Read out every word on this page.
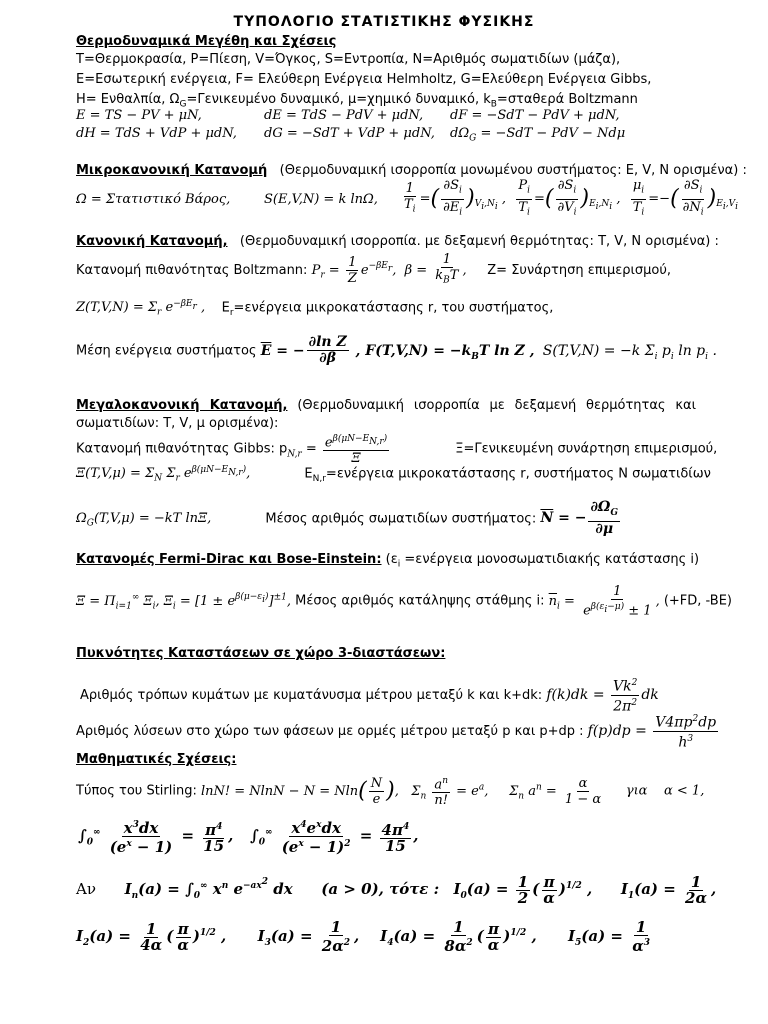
ΤΥΠΟΛΟΓΙΟ ΣΤΑΤΙΣΤΙΚΗΣ ΦΥΣΙΚΗΣ
Θερμοδυναμικά Μεγέθη και Σχέσεις
T=Θερμοκρασία, P=Πίεση, V=Όγκος, S=Εντροπία, N=Αριθμός σωματιδίων (μάζα),
E=Εσωτερική ενέργεια, F= Ελεύθερη Ενέργεια Helmholtz, G=Ελεύθερη Ενέργεια Gibbs,
H= Ενθαλπία, $\Omega_G=\Gamma\varepsilon\nu\iota\kappa\varepsilon\upsilon\mu έ\nu o$ δυναμικό, μ=χημικό δυναμικό, $k_B=\sigma\tau\alpha\theta\varepsilon\rho ά$ Boltzmann
E = TS − PV + μN,	dE = TdS − PdV + μdN, dF = −SdT − PdV + μdN,
dH = TdS + VdP + μdN, dG = −SdT + VdP + μdN, $d\Omega_G = -SdT$ − PdV − Ndμ
Μικροκανονική Κατανομή (Θερμοδυναμική ισορροπία μονωμένου συστήματος: E, V, N ορισμένα) :
Ω = Στατιστικό Βάρος,	S(E,V,N) = k lnΩ, $\frac{1}{T_i}$ =( $\frac{\partial S_i}{\partial E_i} )_{V_i,N_i}$ , $\frac{P_i}{T_i}$ =( $\frac{\partial S_i}{\partial V_i} )_{E_i,N_i}$ , $\frac{\mu_i}{T_i}$ =−( $\frac{\partial S_i}{\partial N_i} )_{E_i,V_i}$
Κανονική Κατανομή, (Θερμοδυναμική ισορροπία. με δεξαμενή θερμότητας: T, V, N ορισμένα) :
Κατανομή πιθανότητας Boltzmann: $P_r = \frac{1}{Z} e^{-\beta E_r}$,  $\beta = \frac{1}{k_BT}$ , Z= Συνάρτηση επιμερισμού,
$Z(T,V,N) = \Sigma_r$ $e^{-\beta E_r}$ , $E_r=\varepsilon\nu έ\rho\gamma\varepsilon\iota\alpha$ μικροκατάστασης r, του συστήματος,
Μέση ενέργεια συστήματος $\overline{E}$ = − $\frac{\text{∂ln Z}}{\partial\beta}$ , $F(T,V,N) = -k_BT$ ln Z , S(T,V,N) = −k $\Sigma_i$ $p_i$ $\ln p_i$ .
Μεγαλοκανονική Κατανομή, (Θερμοδυναμική ισορροπία με δεξαμενή θερμότητας και
σωματιδίων: T, V, μ ορισμένα):
Κατανομή πιθανότητας Gibbs: $p_{N,r} = \frac{e^{\beta(\mu N-E_{N,r})}}{\Xi}$	Ξ=Γενικευμένη συνάρτηση επιμερισμού,
$\Xi(T,V,\mu) = \Sigma_N$ $\Sigma_r$ $e^{\beta(\mu N-E_{N,r})}$,	$E_{N,r}=\varepsilon\nu έ\rho\gamma\varepsilon\iota\alpha$ μικροκατάστασης r, συστήματος N σωματιδίων
$\Omega_G(T,V,\mu) = -kT$ lnΞ,	Μέσος αριθμός σωματιδίων συστήματος: $\overline{N}$ = − $\frac{\partial\Omega_G}{\partial\mu}$
Κατανομές Fermi-Dirac και Bose-Einstein: ($\varepsilon_i =\varepsilon\nu έ\rho\gamma\varepsilon\iota\alpha$ μονοσωματιδιακής κατάστασης i)
$\Xi = \Pi_{i=1}^\infty$ $\Xi_i$, $\Xi_i = [1 \pm e^{\beta(\mu-\varepsilon_i)}]^{\pm 1}$, Μέσος αριθμός κατάληψης στάθμης i: $\overline{n}_i = \frac{1}{e^{\beta(\varepsilon_i-\mu)} \pm 1}$ , (+FD, -BE)
Πυκνότητες Καταστάσεων σε χώρο 3-διαστάσεων:
Αριθμός τρόπων κυμάτων με κυματάνυσμα μέτρου μεταξύ k και k+dk: $f(k)dk = \frac{Vk^2}{2\pi^2}$ dk
Αριθμός λύσεων στο χώρο των φάσεων με ορμές μέτρου μεταξύ p και p+dp : $f(p)dp = \frac{V4\pi p^2dp}{h^3}$
Μαθηματικές Σχέσεις:
Τύπος του Stirling: lnN! = $NlnN - N = Nln( \frac{N}{e}$ ), $\Sigma_n \frac{a^n}{n!} = e^a$, $\Sigma_n$ $a^n = \frac{\alpha}{1 - \alpha}$ για α < 1,
$\int_0^\infty \frac{x^3dx}{(e^x - 1)} = \frac{\pi^4}{15}$ , $\int_0^\infty \frac{x^4e^xdx}{(e^x - 1)^2} = \frac{4\pi^4}{15}$ ,
Αν $I_n(a) = \int_0^\infty$ $x^n$ $e^{-ax^2}$ dx (a > 0), τότε : $I_0(a) = \frac{1}{2}$ ( $\frac{\pi}{\alpha} )^{1/2}$ , $I_1(a) = \frac{1}{2\alpha}$ ,
$I_2(a) = \frac{1}{4\alpha}$ ( $\frac{\pi}{\alpha} )^{1/2}$ ,      $I_3(a) = \frac{1}{2\alpha^2}$ ,    $I_4(a) = \frac{1}{8\alpha^2}$ ( $\frac{\pi}{\alpha} )^{1/2}$ ,      $I_5(a) = \frac{1}{\alpha^3}$
